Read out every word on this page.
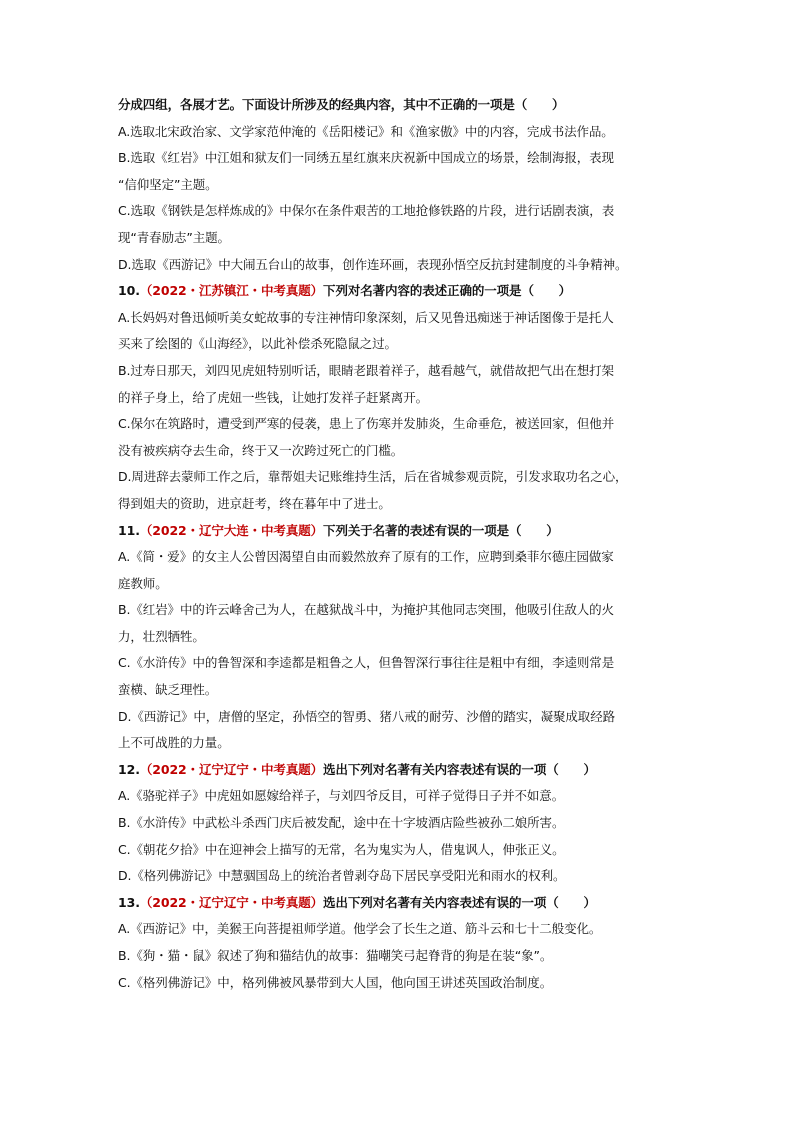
分成四组，各展才艺。下面设计所涉及的经典内容，其中不正确的一项是（　　）
A.选取北宋政治家、文学家范仲淹的《岳阳楼记》和《渔家傲》中的内容，完成书法作品。
B.选取《红岩》中江姐和狱友们一同绣五星红旗来庆祝新中国成立的场景，绘制海报，表现
“信仰坚定”主题。
C.选取《钢铁是怎样炼成的》中保尔在条件艰苦的工地抢修铁路的片段，进行话剧表演，表
现“青春励志”主题。
D.选取《西游记》中大闹五台山的故事，创作连环画，表现孙悟空反抗封建制度的斗争精神。
10.（2022・江苏镇江・中考真题）下列对名著内容的表述正确的一项是（　　）
A.长妈妈对鲁迅倾听美女蛇故事的专注神情印象深刻，后又见鲁迅痴迷于神话图像于是托人
买来了绘图的《山海经》，以此补偿杀死隐鼠之过。
B.过寿日那天，刘四见虎妞特别听话，眼睛老跟着祥子，越看越气，就借故把气出在想打架
的祥子身上，给了虎妞一些钱，让她打发祥子赶紧离开。
C.保尔在筑路时，遭受到严寒的侵袭，患上了伤寒并发肺炎，生命垂危，被送回家，但他并
没有被疾病夺去生命，终于又一次跨过死亡的门槛。
D.周进辞去蒙师工作之后，靠帮姐夫记账维持生活，后在省城参观贡院，引发求取功名之心，
得到姐夫的资助，进京赶考，终在暮年中了进士。
11.（2022・辽宁大连・中考真题）下列关于名著的表述有误的一项是（　　）
A.《简・爱》的女主人公曾因渴望自由而毅然放弃了原有的工作，应聘到桑菲尔德庄园做家
庭教师。
B.《红岩》中的许云峰舍己为人，在越狱战斗中，为掩护其他同志突围，他吸引住敌人的火
力，壮烈牺牲。
C.《水浒传》中的鲁智深和李逵都是粗鲁之人，但鲁智深行事往往是粗中有细，李逵则常是
蛮横、缺乏理性。
D.《西游记》中，唐僧的坚定，孙悟空的智勇、猪八戒的耐劳、沙僧的踏实，凝聚成取经路
上不可战胜的力量。
12.（2022・辽宁辽宁・中考真题）选出下列对名著有关内容表述有误的一项（　　）
A.《骆驼祥子》中虎妞如愿嫁给祥子，与刘四爷反目，可祥子觉得日子并不如意。
B.《水浒传》中武松斗杀西门庆后被发配，途中在十字坡酒店险些被孙二娘所害。
C.《朝花夕拾》中在迎神会上描写的无常，名为鬼实为人，借鬼讽人，伸张正义。
D.《格列佛游记》中慧骃国岛上的统治者曾剥夺岛下居民享受阳光和雨水的权利。
13.（2022・辽宁辽宁・中考真题）选出下列对名著有关内容表述有误的一项（　　）
A.《西游记》中，美猴王向菩提祖师学道。他学会了长生之道、筋斗云和七十二般变化。
B.《狗・猫・鼠》叙述了狗和猫结仇的故事：猫嘲笑弓起脊背的狗是在装“象”。
C.《格列佛游记》中，格列佛被风暴带到大人国，他向国王讲述英国政治制度。
